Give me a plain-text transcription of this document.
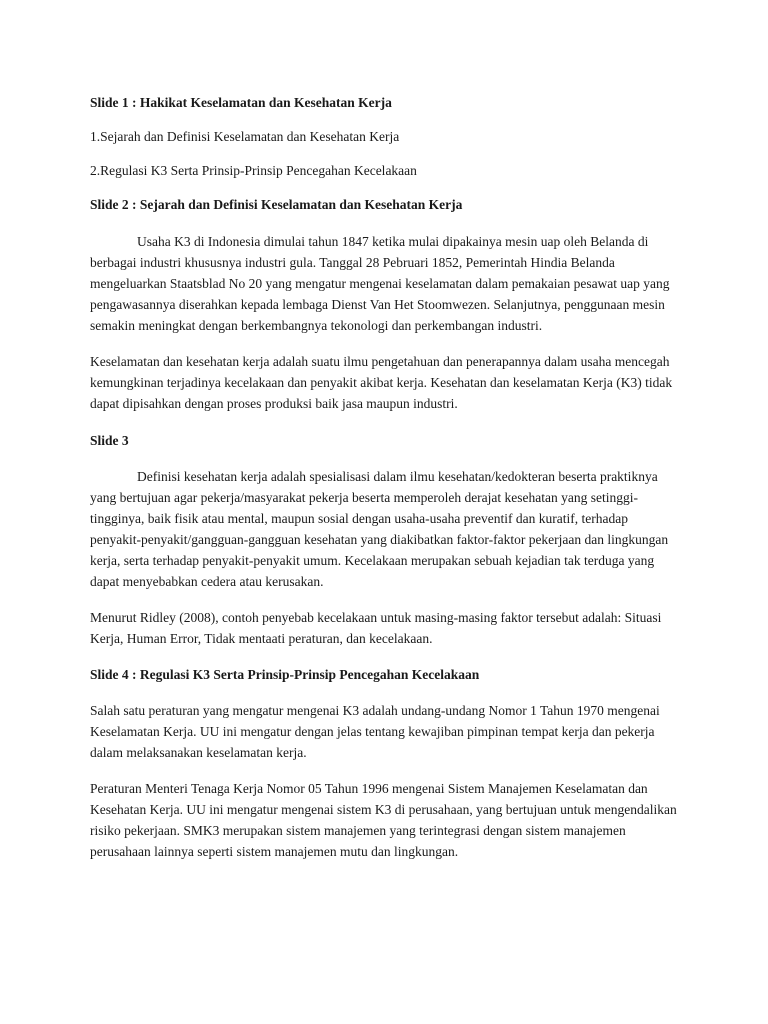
Slide 1 : Hakikat Keselamatan dan Kesehatan Kerja

1.Sejarah dan Definisi Keselamatan dan Kesehatan Kerja

2.Regulasi K3 Serta Prinsip-Prinsip Pencegahan Kecelakaan

Slide 2 : Sejarah dan Definisi Keselamatan dan Kesehatan Kerja

Usaha K3 di Indonesia dimulai tahun 1847 ketika mulai dipakainya mesin uap oleh Belanda di berbagai industri khususnya industri gula. Tanggal 28 Pebruari 1852, Pemerintah Hindia Belanda mengeluarkan Staatsblad No 20 yang mengatur mengenai keselamatan dalam pemakaian pesawat uap yang pengawasannya diserahkan kepada lembaga Dienst Van Het Stoomwezen. Selanjutnya, penggunaan mesin semakin meningkat dengan berkembangnya tekonologi dan perkembangan industri.

Keselamatan dan kesehatan kerja adalah suatu ilmu pengetahuan dan penerapannya dalam usaha mencegah kemungkinan terjadinya kecelakaan dan penyakit akibat kerja. Kesehatan dan keselamatan Kerja (K3) tidak dapat dipisahkan dengan proses produksi baik jasa maupun industri.

Slide 3

Definisi kesehatan kerja adalah spesialisasi dalam ilmu kesehatan/kedokteran beserta praktiknya yang bertujuan agar pekerja/masyarakat pekerja beserta memperoleh derajat kesehatan yang setinggi-tingginya, baik fisik atau mental, maupun sosial dengan usaha-usaha preventif dan kuratif, terhadap penyakit-penyakit/gangguan-gangguan kesehatan yang diakibatkan faktor-faktor pekerjaan dan lingkungan kerja, serta terhadap penyakit-penyakit umum. Kecelakaan merupakan sebuah kejadian tak terduga yang dapat menyebabkan cedera atau kerusakan.

Menurut Ridley (2008), contoh penyebab kecelakaan untuk masing-masing faktor tersebut adalah: Situasi Kerja, Human Error, Tidak mentaati peraturan, dan kecelakaan.

Slide 4 : Regulasi K3 Serta Prinsip-Prinsip Pencegahan Kecelakaan

Salah satu peraturan yang mengatur mengenai K3 adalah undang-undang Nomor 1 Tahun 1970 mengenai Keselamatan Kerja. UU ini mengatur dengan jelas tentang kewajiban pimpinan tempat kerja dan pekerja dalam melaksanakan keselamatan kerja.

Peraturan Menteri Tenaga Kerja Nomor 05 Tahun 1996 mengenai Sistem Manajemen Keselamatan dan Kesehatan Kerja. UU ini mengatur mengenai sistem K3 di perusahaan, yang bertujuan untuk mengendalikan risiko pekerjaan. SMK3 merupakan sistem manajemen yang terintegrasi dengan sistem manajemen perusahaan lainnya seperti sistem manajemen mutu dan lingkungan.
